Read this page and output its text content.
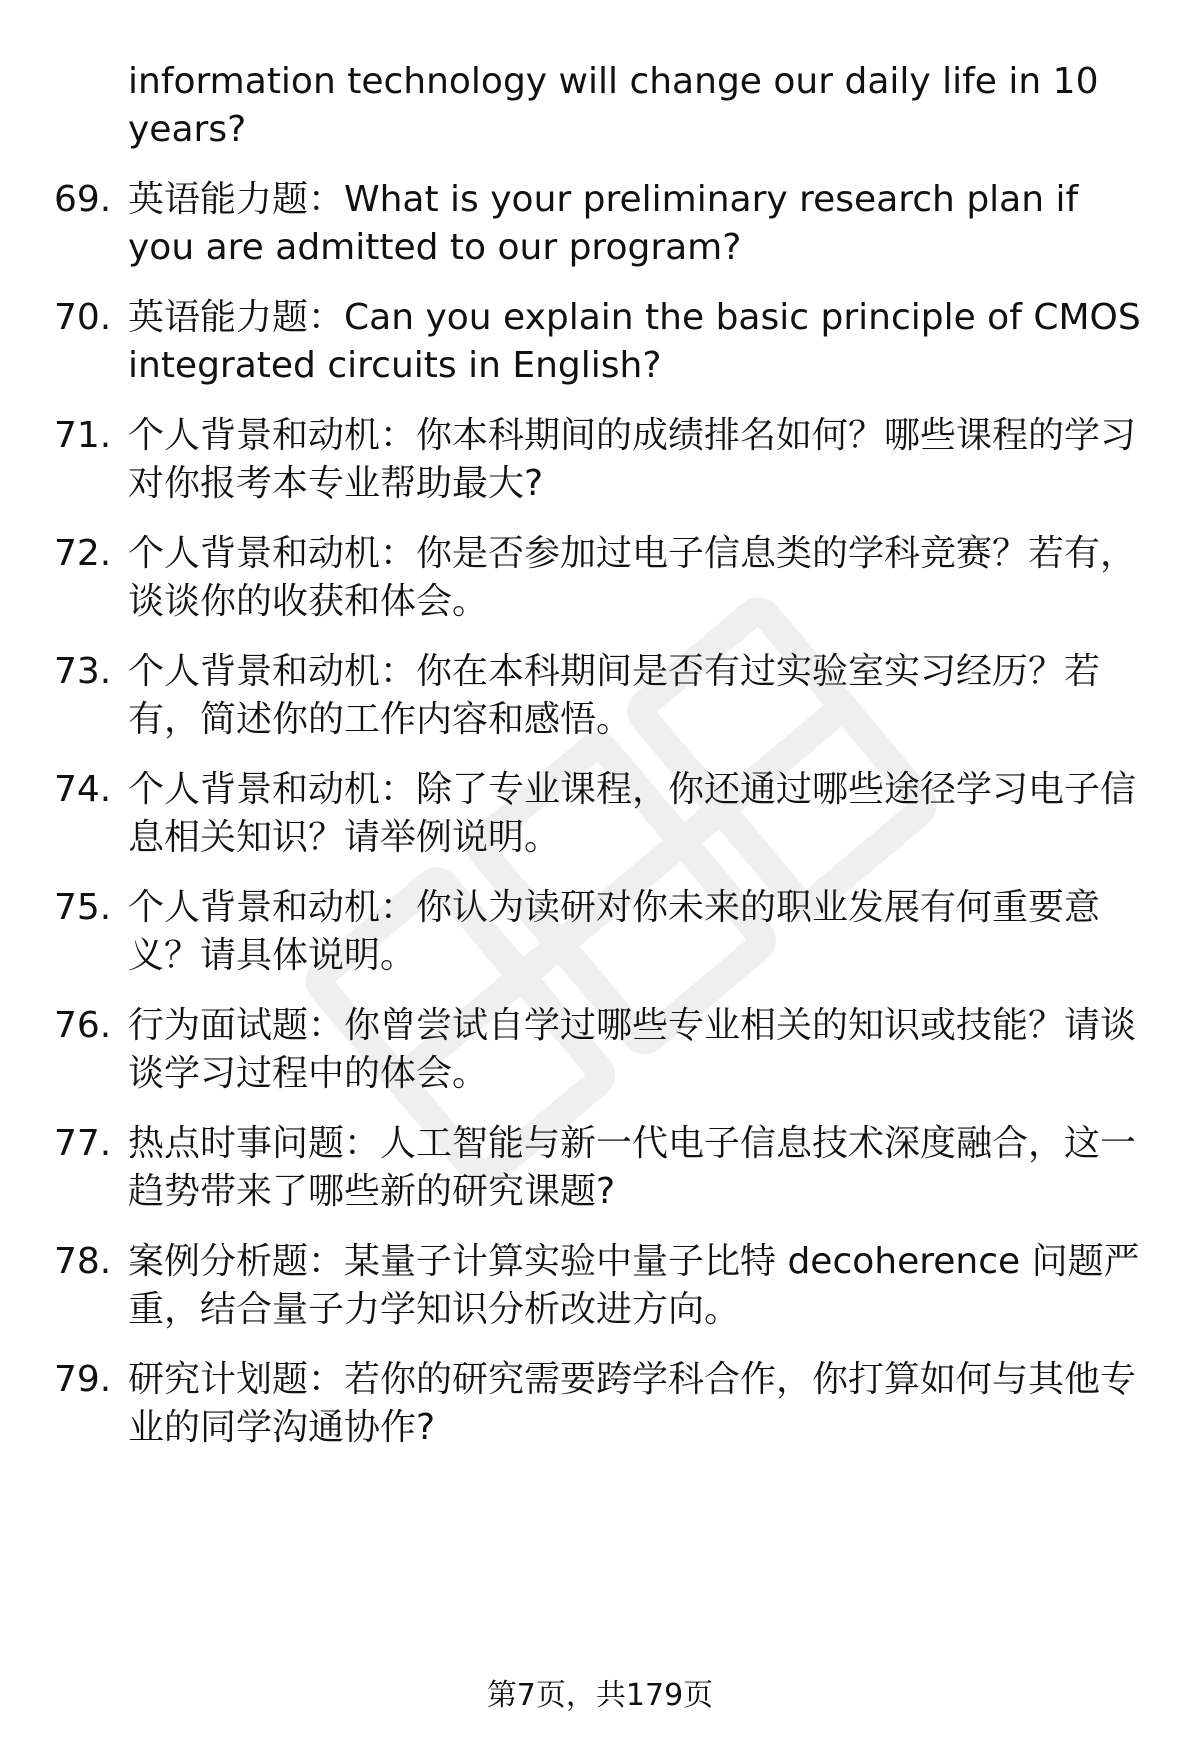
information technology will change our daily life in 10 years?
69. 英语能力题：What is your preliminary research plan if you are admitted to our program?
70. 英语能力题：Can you explain the basic principle of CMOS integrated circuits in English?
71. 个人背景和动机：你本科期间的成绩排名如何？哪些课程的学习对你报考本专业帮助最大?
72. 个人背景和动机：你是否参加过电子信息类的学科竞赛？若有，谈谈你的收获和体会。
73. 个人背景和动机：你在本科期间是否有过实验室实习经历？若有，简述你的工作内容和感悟。
74. 个人背景和动机：除了专业课程，你还通过哪些途径学习电子信息相关知识？请举例说明。
75. 个人背景和动机：你认为读研对你未来的职业发展有何重要意义？请具体说明。
76. 行为面试题：你曾尝试自学过哪些专业相关的知识或技能？请谈谈学习过程中的体会。
77. 热点时事问题：人工智能与新一代电子信息技术深度融合，这一趋势带来了哪些新的研究课题?
78. 案例分析题：某量子计算实验中量子比特 decoherence 问题严重，结合量子力学知识分析改进方向。
79. 研究计划题：若你的研究需要跨学科合作，你打算如何与其他专业的同学沟通协作?
第7页，共179页
